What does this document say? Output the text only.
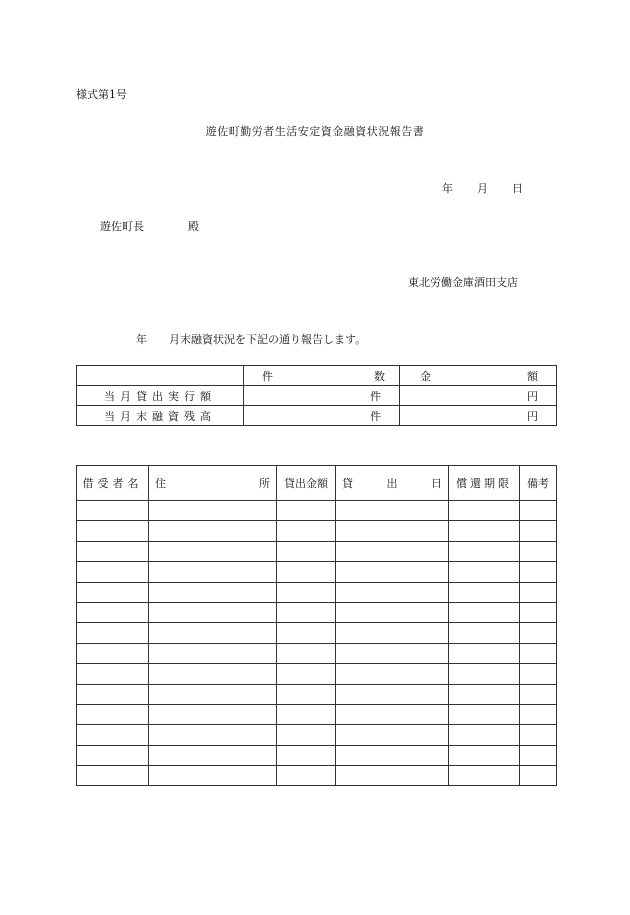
様式第1号
遊佐町勤労者生活安定資金融資状況報告書
年 月 日
遊佐町長	殿
東北労働金庫酒田支店
年 月末融資状況を下記の通り報告します。

	件 数	金 額

当月貸出実行額	件	円
当月末融資残高	件	円
借受者名	住 所	貸出金額	貸 出 日	償還期限	備考
